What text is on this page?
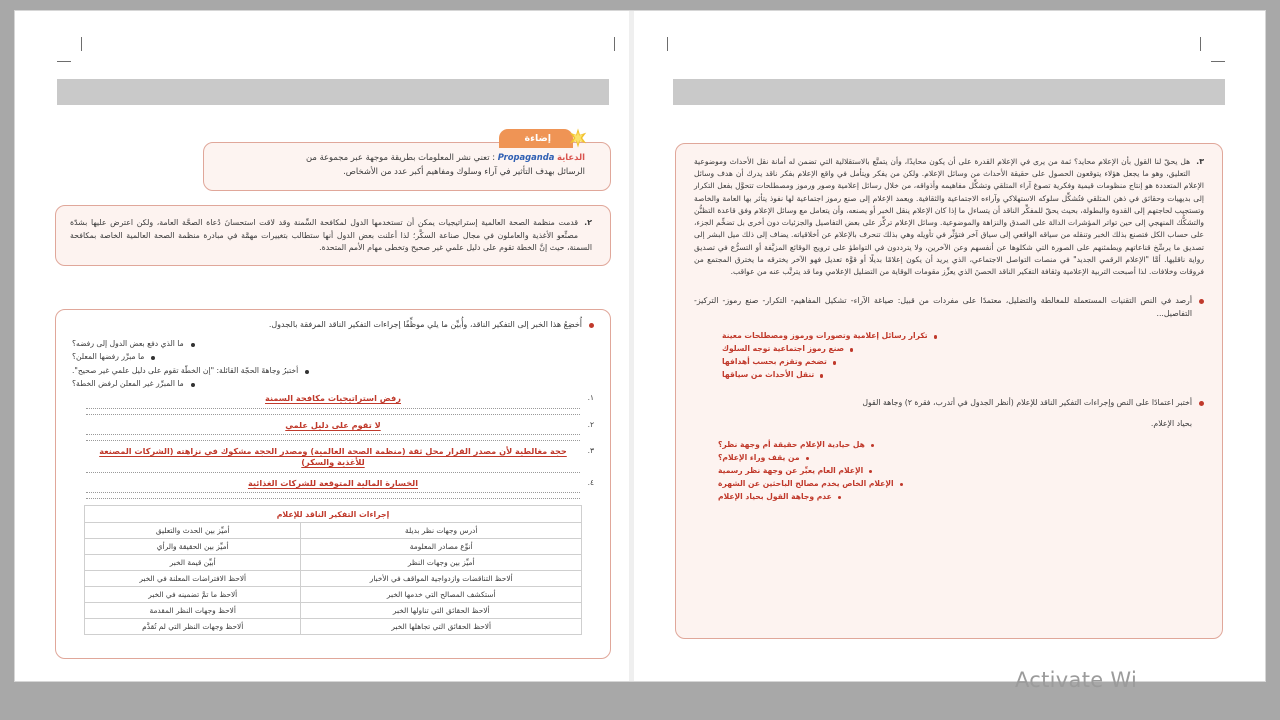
إضاءة
الدعاية Propaganda : تعني نشر المعلومات بطريقة موجهة عبر مجموعة من
الرسائل بهدف التأثير في آراء وسلوك ومفاهيم أكبر عدد من الأشخاص.
٢.
قدمت منظمة الصحة العالمية إستراتيجيات يمكن أن تستخدمها الدول لمكافحة السِّمنة وقد لاقت استحسانَ دُعاة الصحَّة العامة، ولكن اعترض عليها بشدّة مصنِّعو الأغذية والعاملون في مجال صناعة السكَّر؛ لذا أعلنت بعض الدول أنها ستطالب بتغييرات مهمَّة في مبادرة منظمة الصحة العالمية الخاصة بمكافحة السمنة، حيث إنَّ الخطة تقوم على دليل علمي غير صحيح وتخطى مهام الأمم المتحدة.
أُخضِعُ هذا الخبر إلى التفكير الناقد، وأُبيِّن ما يلي موظِّفًا إجراءات التفكير الناقد المرفقة بالجدول.
ما الذي دفع بعض الدول إلى رفضه؟
ما مبرِّر رفضها المعلن؟
أختبرُ وجاهةَ الحجّة القائلة: "إن الخطّة تقوم على دليل علمي غير صحيح".
ما المبرِّر غير المعلن لرفض الخطة؟
١.
رفض استراتيجيات مكافحة السمنة
٢.
لا تقوم على دليل علمي
٣.
حجة مغالطية لأن مصدر القرار محل ثقة (منظمة الصحة العالمية) ومصدر الحجة مشكوك في نزاهته (الشركات المصنعة للأغذية والسكر)
٤.
الخسارة المالية المتوقعة للشركات الغذائية
إجراءات التفكير الناقد للإعلام	
أدرس وجهات نظر بديلة	أميِّز بين الحدث والتعليق
أنوِّع مصادر المعلومة	أميِّز بين الحقيقة والرأي
أميِّز بين وجهات النظر	أبيِّن قيمة الخبر
ألاحظ التناقضات وازدواجية المواقف في الأخبار	ألاحظ الافتراضات المعلنة في الخبر
أستكشف المصالح التي خدمها الخبر	ألاحظ ما تمَّ تضمينه في الخبر
ألاحظ الحقائق التي تناولها الخبر	ألاحظ وجهات النظر المقدمة
ألاحظ الحقائق التي تجاهلها الخبر	ألاحظ وجهات النظر التي لم تُقدَّم
٣.
هل يحقّ لنا القول بأن الإعلام محايد؟ ثمة من يرى في الإعلام القدرة على أن يكون محايدًا، وأن يتمتَّع بالاستقلالية التي تضمن له أمانة نقل الأحداث وموضوعية التعليق، وهو ما يجعل هؤلاء يتوقعون الحصول على حقيقة الأحداث من وسائل الإعلام. ولكن من يفكر ويتأمل في واقع الإعلام بفكر ناقد يدرك أن هدف وسائل الإعلام المتعددة هو إنتاج منظومات قيمية وفكرية تصوغ آراء المتلقي وتشكِّل مفاهيمه وأذواقه، من خلال رسائل إعلامية وصور ورموز ومصطلحات تتحوَّل بفعل التكرار إلى بديهيات وحقائق في ذهن المتلقي فتُشكِّل سلوكه الاستهلاكي وآراءه الاجتماعية والثقافية. ويعمد الإعلام إلى صنع رموز اجتماعية لها نفوذ يتأثر بها العامة والخاصة وتستجيب لحاجتهم إلى القدوة والبطولة، بحيث يحقّ للمفكِّر الناقد أن يتساءل ما إذا كان الإعلام ينقل الخبر أو يصنعه، وأن يتعامل مع وسائل الإعلام وفق قاعدة التظنُّن والتشكُّك المنهجي إلى حين تواتر المؤشرات الدالة على الصدق والنزاهة والموضوعية. وسائل الإعلام تركِّز على بعض التفاصيل والجزئيات دون أخرى بل تضخِّم الجزء، على حساب الكل فتصنع بذلك الخبر وتنقله من سياقه الواقعي إلى سياق آخر فتؤثِّر في تأويله وهي بذلك تنحرف بالإعلام عن أخلاقياته. يضاف إلى ذلك ميل البشر إلى تصديق ما يرسِّخ قناعاتهم ويطمئنهم على الصورة التي شكلوها عن أنفسهم وعن الآخرين، ولا يترددون في التواطؤ على ترويج الوقائع المزيَّفة أو التسرُّع في تصديق رواية ناقليها. أمَّا "الإعلام الرقمي الجديد" في منصات التواصل الاجتماعي، الذي يريد أن يكون إعلامًا بديلًا أو قوَّة تعديل فهو الآخر يخترقه ما يخترق المجتمع من فروقات وخلافات. لذا أصبحت التربية الإعلامية وثقافة التفكير الناقد الحصنَ الذي يعزِّز مقومات الوقاية من التضليل الإعلامي وما قد يترتَّب عنه من عواقب.
أرصد في النص التقنيات المستعملة للمغالطة والتضليل، معتمدًا على مفردات من قبيل: صياغة الآراء- تشكيل المفاهيم- التكرار- صنع رموز- التركيز- التفاصيل...
تكرار رسائل إعلامية وتصورات ورموز ومصطلحات معينة
صنع رموز اجتماعية توجه السلوك
تضخم وتقزم بحسب أهدافها
تنقل الأحداث من سياقها
أختبر اعتمادًا على النص وإجراءات التفكير الناقد للإعلام (أنظر الجدول في أتدرب، فقرة ٢) وجاهة القول
بحياد الإعلام.
هل حيادية الإعلام حقيقة أم وجهة نظر؟
من يقف وراء الإعلام؟
الإعلام العام يعبِّر عن وجهة نظر رسمية
الإعلام الخاص يخدم مصالح الباحثين عن الشهرة
عدم وجاهة القول بحياد الإعلام
Activate Wi
